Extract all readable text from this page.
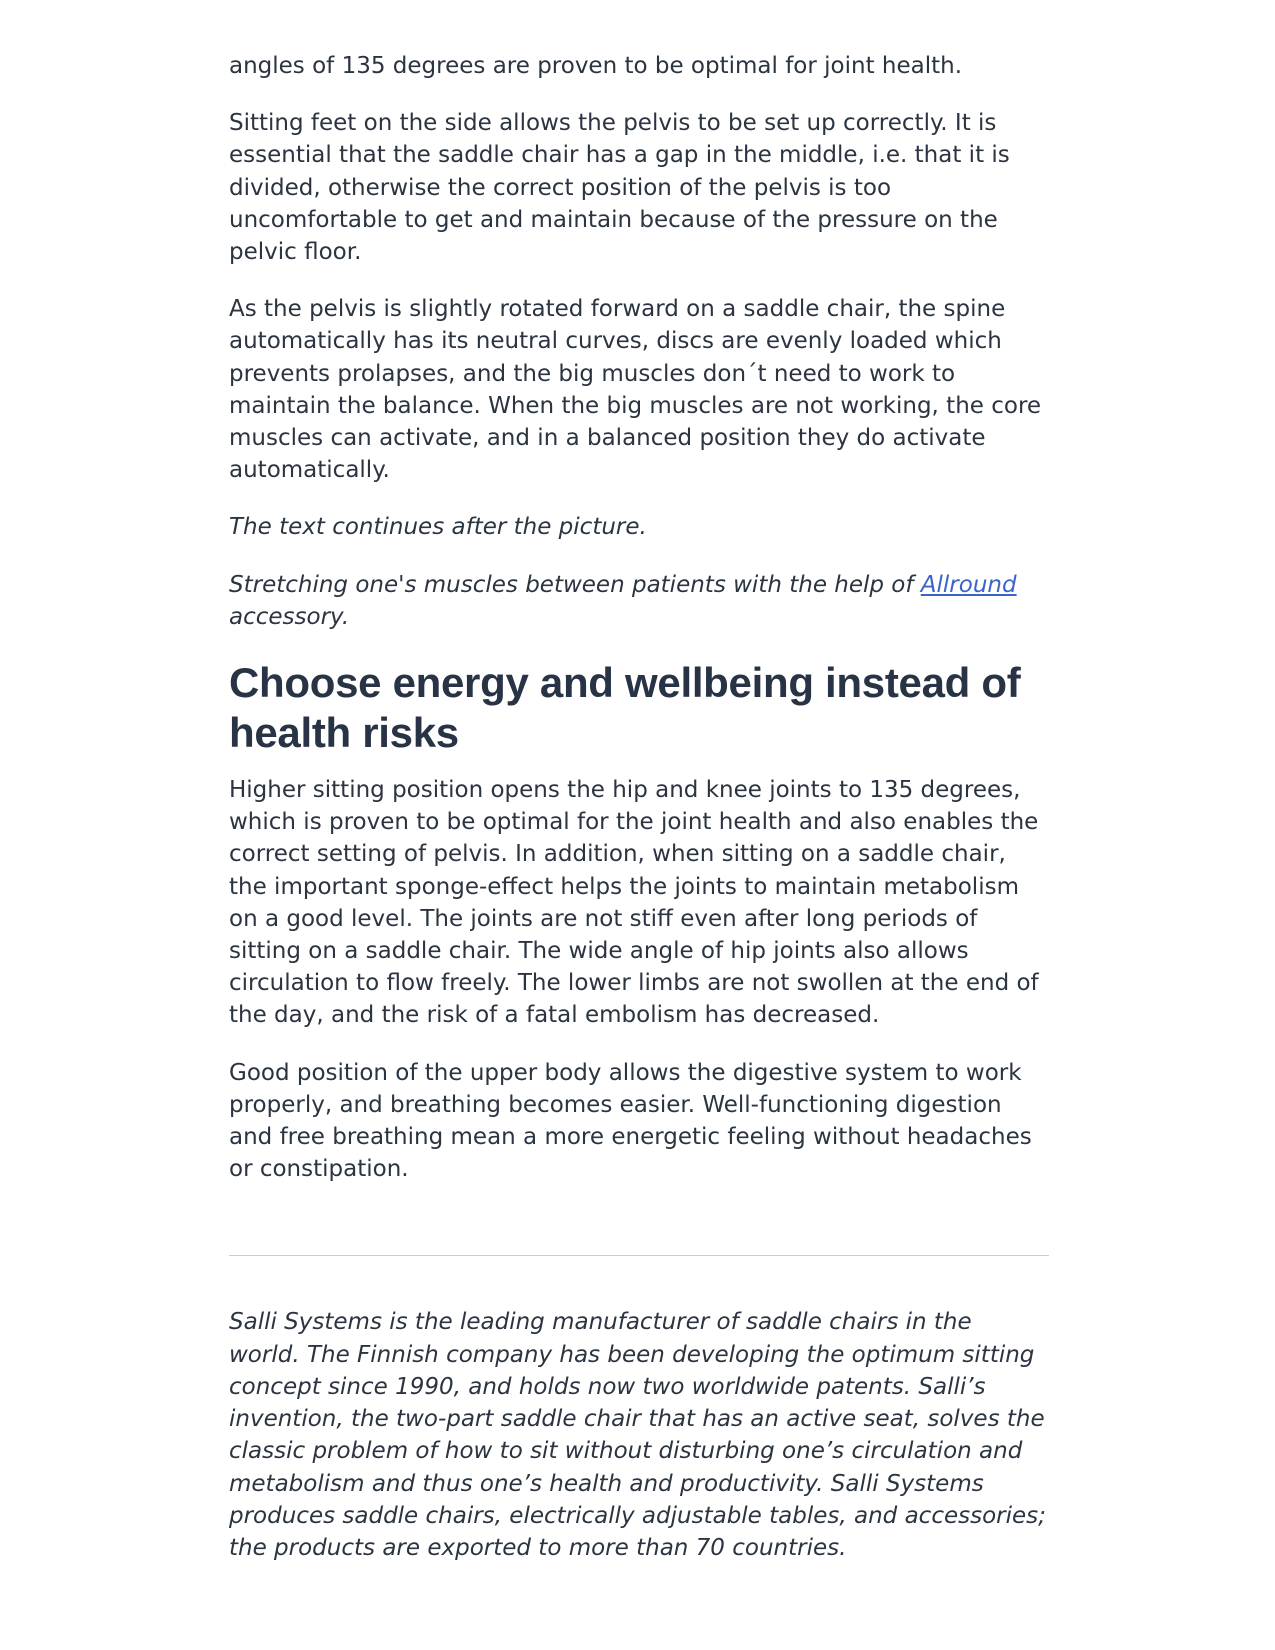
angles of 135 degrees are proven to be optimal for joint health.

Sitting feet on the side allows the pelvis to be set up correctly. It is essential that the saddle chair has a gap in the middle, i.e. that it is divided, otherwise the correct position of the pelvis is too uncomfortable to get and maintain because of the pressure on the pelvic floor.

As the pelvis is slightly rotated forward on a saddle chair, the spine automatically has its neutral curves, discs are evenly loaded which prevents prolapses, and the big muscles don´t need to work to maintain the balance. When the big muscles are not working, the core muscles can activate, and in a balanced position they do activate automatically.

The text continues after the picture.

Stretching one's muscles between patients with the help of Allround accessory.

Choose energy and wellbeing instead of health risks

Higher sitting position opens the hip and knee joints to 135 degrees, which is proven to be optimal for the joint health and also enables the correct setting of pelvis. In addition, when sitting on a saddle chair, the important sponge-effect helps the joints to maintain metabolism on a good level. The joints are not stiff even after long periods of sitting on a saddle chair. The wide angle of hip joints also allows circulation to flow freely. The lower limbs are not swollen at the end of the day, and the risk of a fatal embolism has decreased.

Good position of the upper body allows the digestive system to work properly, and breathing becomes easier. Well-functioning digestion and free breathing mean a more energetic feeling without headaches or constipation.

Salli Systems is the leading manufacturer of saddle chairs in the world. The Finnish company has been developing the optimum sitting concept since 1990, and holds now two worldwide patents. Salli’s invention, the two-part saddle chair that has an active seat, solves the classic problem of how to sit without disturbing one’s circulation and metabolism and thus one’s health and productivity. Salli Systems produces saddle chairs, electrically adjustable tables, and accessories; the products are exported to more than 70 countries.
